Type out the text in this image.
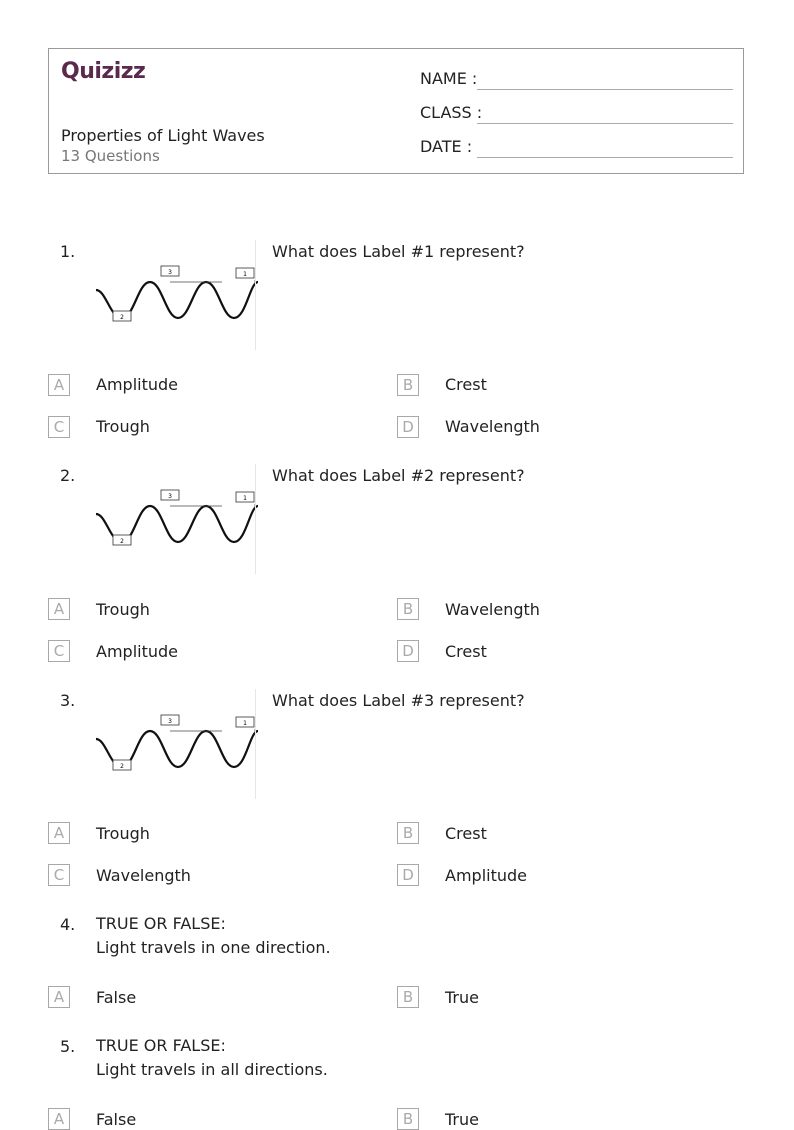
Quizizz
Properties of Light Waves
13 Questions
NAME :
CLASS :
DATE :
1.
1
2
3
What does Label #1 represent?
A	Amplitude	B	Crest
C	Trough	D	Wavelength
2.
1
2
3
What does Label #2 represent?
A	Trough	B	Wavelength
C	Amplitude	D	Crest
3.
1
2
3
What does Label #3 represent?
A	Trough	B	Crest
C	Wavelength	D	Amplitude
4. TRUE OR FALSE:
Light travels in one direction.
A	False	B	True
5. TRUE OR FALSE:
Light travels in all directions.
A	False	B	True
